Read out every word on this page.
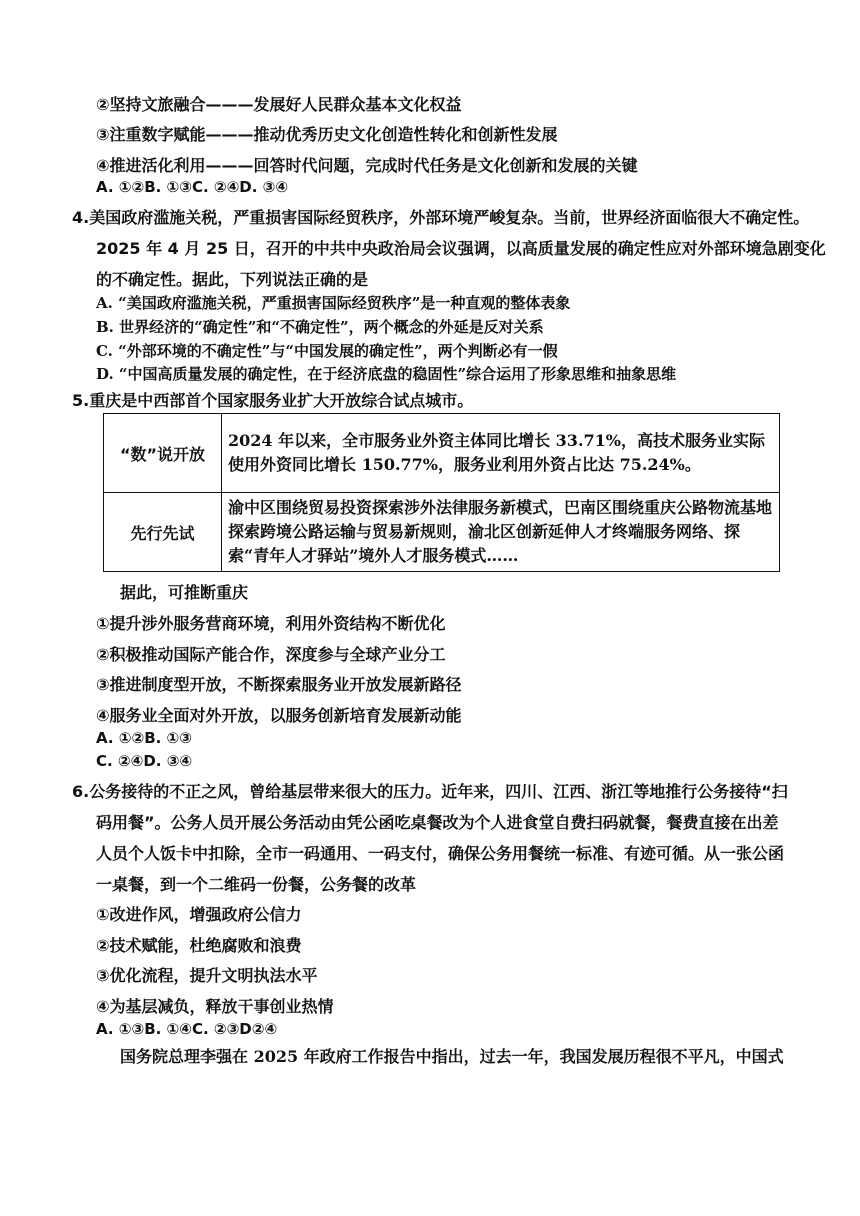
②坚持文旅融合———发展好人民群众基本文化权益
③注重数字赋能———推动优秀历史文化创造性转化和创新性发展
④推进活化利用———回答时代问题，完成时代任务是文化创新和发展的关键
A. ①②B. ①③C. ②④D. ③④
4.美国政府滥施关税，严重损害国际经贸秩序，外部环境严峻复杂。当前，世界经济面临很大不确定性。
2025 年 4 月 25 日，召开的中共中央政治局会议强调，以高质量发展的确定性应对外部环境急剧变化
的不确定性。据此，下列说法正确的是
A. “美国政府滥施关税，严重损害国际经贸秩序”是一种直观的整体表象
B. 世界经济的“确定性”和“不确定性”，两个概念的外延是反对关系
C. “外部环境的不确定性”与“中国发展的确定性”，两个判断必有一假
D. “中国高质量发展的确定性，在于经济底盘的稳固性”综合运用了形象思维和抽象思维
5.重庆是中西部首个国家服务业扩大开放综合试点城市。
“数”说开放	2024 年以来，全市服务业外资主体同比增长 33.71%，高技术服务业实际使用外资同比增长 150.77%，服务业利用外资占比达 75.24%。
先行先试	渝中区围绕贸易投资探索涉外法律服务新模式，巴南区围绕重庆公路物流基地探索跨境公路运输与贸易新规则，渝北区创新延伸人才终端服务网络、探索“青年人才驿站”境外人才服务模式……
据此，可推断重庆
①提升涉外服务营商环境，利用外资结构不断优化
②积极推动国际产能合作，深度参与全球产业分工
③推进制度型开放，不断探索服务业开放发展新路径
④服务业全面对外开放，以服务创新培育发展新动能
A. ①②B. ①③
C. ②④D. ③④
6.公务接待的不正之风，曾给基层带来很大的压力。近年来，四川、江西、浙江等地推行公务接待“扫
码用餐”。公务人员开展公务活动由凭公函吃桌餐改为个人进食堂自费扫码就餐，餐费直接在出差
人员个人饭卡中扣除，全市一码通用、一码支付，确保公务用餐统一标准、有迹可循。从一张公函
一桌餐，到一个二维码一份餐，公务餐的改革
①改进作风，增强政府公信力
②技术赋能，杜绝腐败和浪费
③优化流程，提升文明执法水平
④为基层减负，释放干事创业热情
A. ①③B. ①④C. ②③D②④
国务院总理李强在 2025 年政府工作报告中指出，过去一年，我国发展历程很不平凡，中国式
